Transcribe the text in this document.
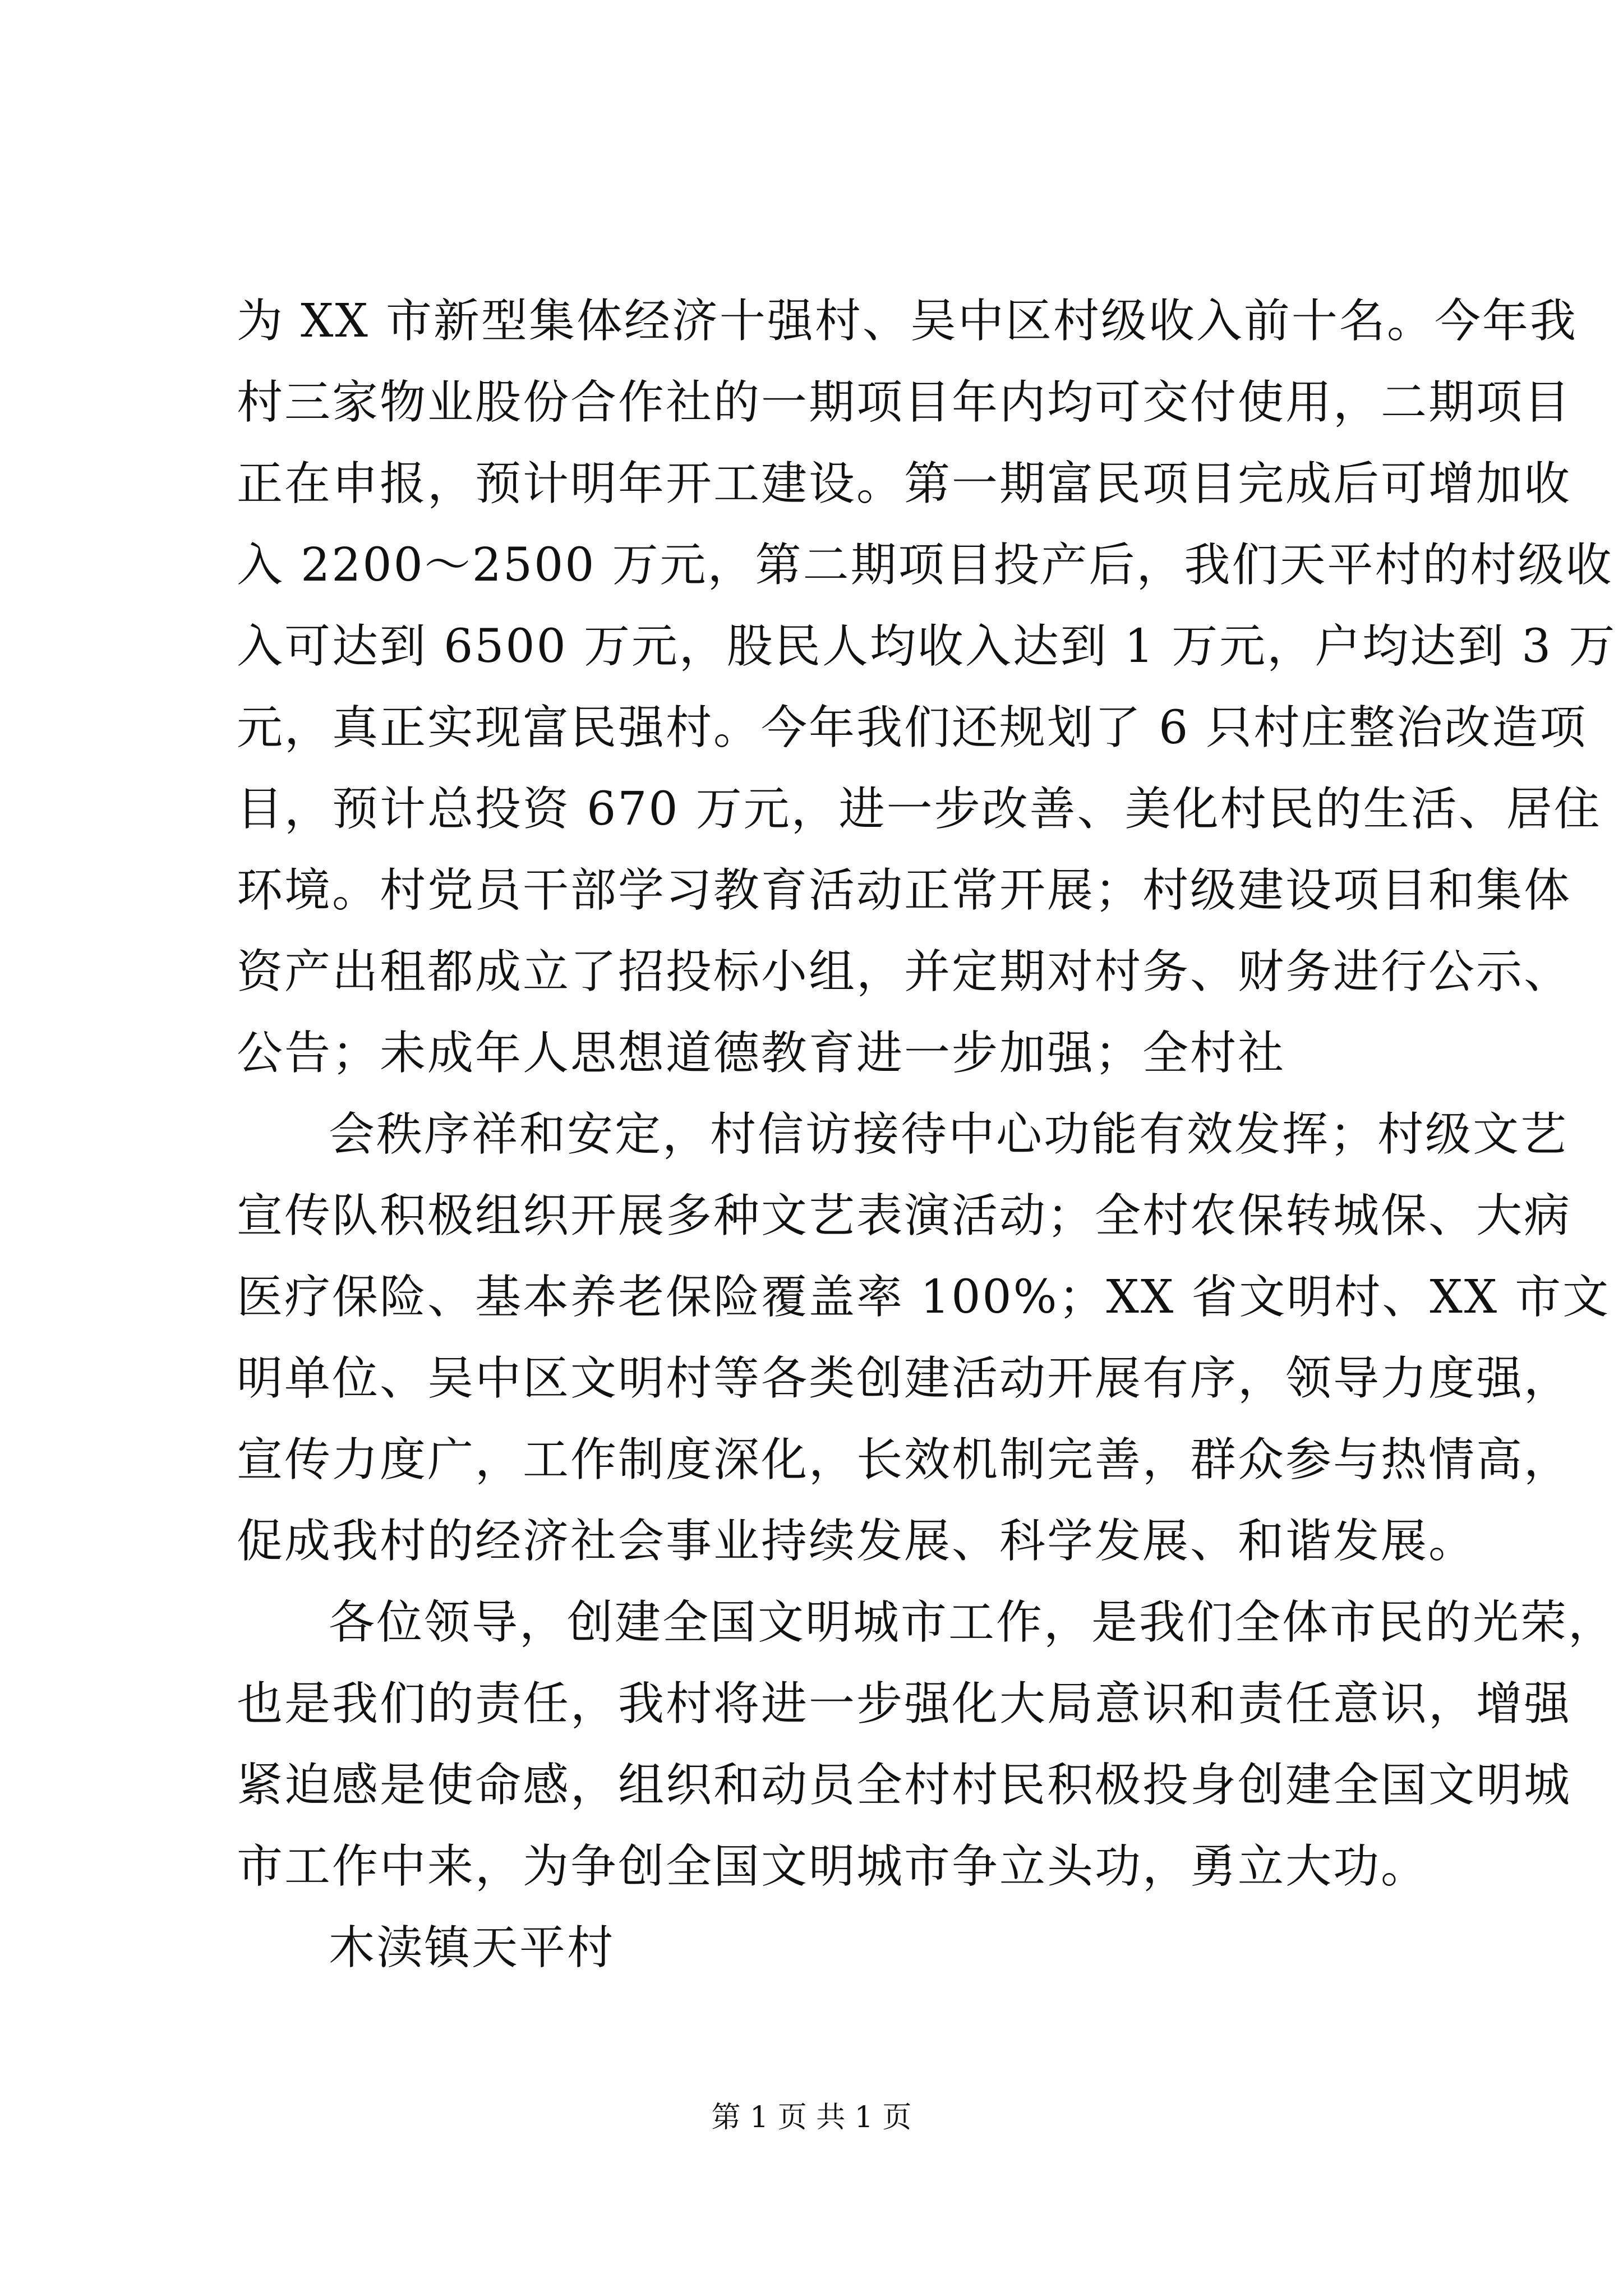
为 XX 市新型集体经济十强村、吴中区村级收入前十名。今年我
村三家物业股份合作社的一期项目年内均可交付使用，二期项目
正在申报，预计明年开工建设。第一期富民项目完成后可增加收
入 2200～2500 万元，第二期项目投产后，我们天平村的村级收
入可达到 6500 万元，股民人均收入达到 1 万元，户均达到 3 万
元，真正实现富民强村。今年我们还规划了 6 只村庄整治改造项
目，预计总投资 670 万元，进一步改善、美化村民的生活、居住
环境。村党员干部学习教育活动正常开展；村级建设项目和集体
资产出租都成立了招投标小组，并定期对村务、财务进行公示、
公告；未成年人思想道德教育进一步加强；全村社

会秩序祥和安定，村信访接待中心功能有效发挥；村级文艺
宣传队积极组织开展多种文艺表演活动；全村农保转城保、大病
医疗保险、基本养老保险覆盖率 100%；XX 省文明村、XX 市文
明单位、吴中区文明村等各类创建活动开展有序，领导力度强，
宣传力度广，工作制度深化，长效机制完善，群众参与热情高，
促成我村的经济社会事业持续发展、科学发展、和谐发展。

各位领导，创建全国文明城市工作，是我们全体市民的光荣，
也是我们的责任，我村将进一步强化大局意识和责任意识，增强
紧迫感是使命感，组织和动员全村村民积极投身创建全国文明城
市工作中来，为争创全国文明城市争立头功，勇立大功。

木渎镇天平村

第 1 页 共 1 页
